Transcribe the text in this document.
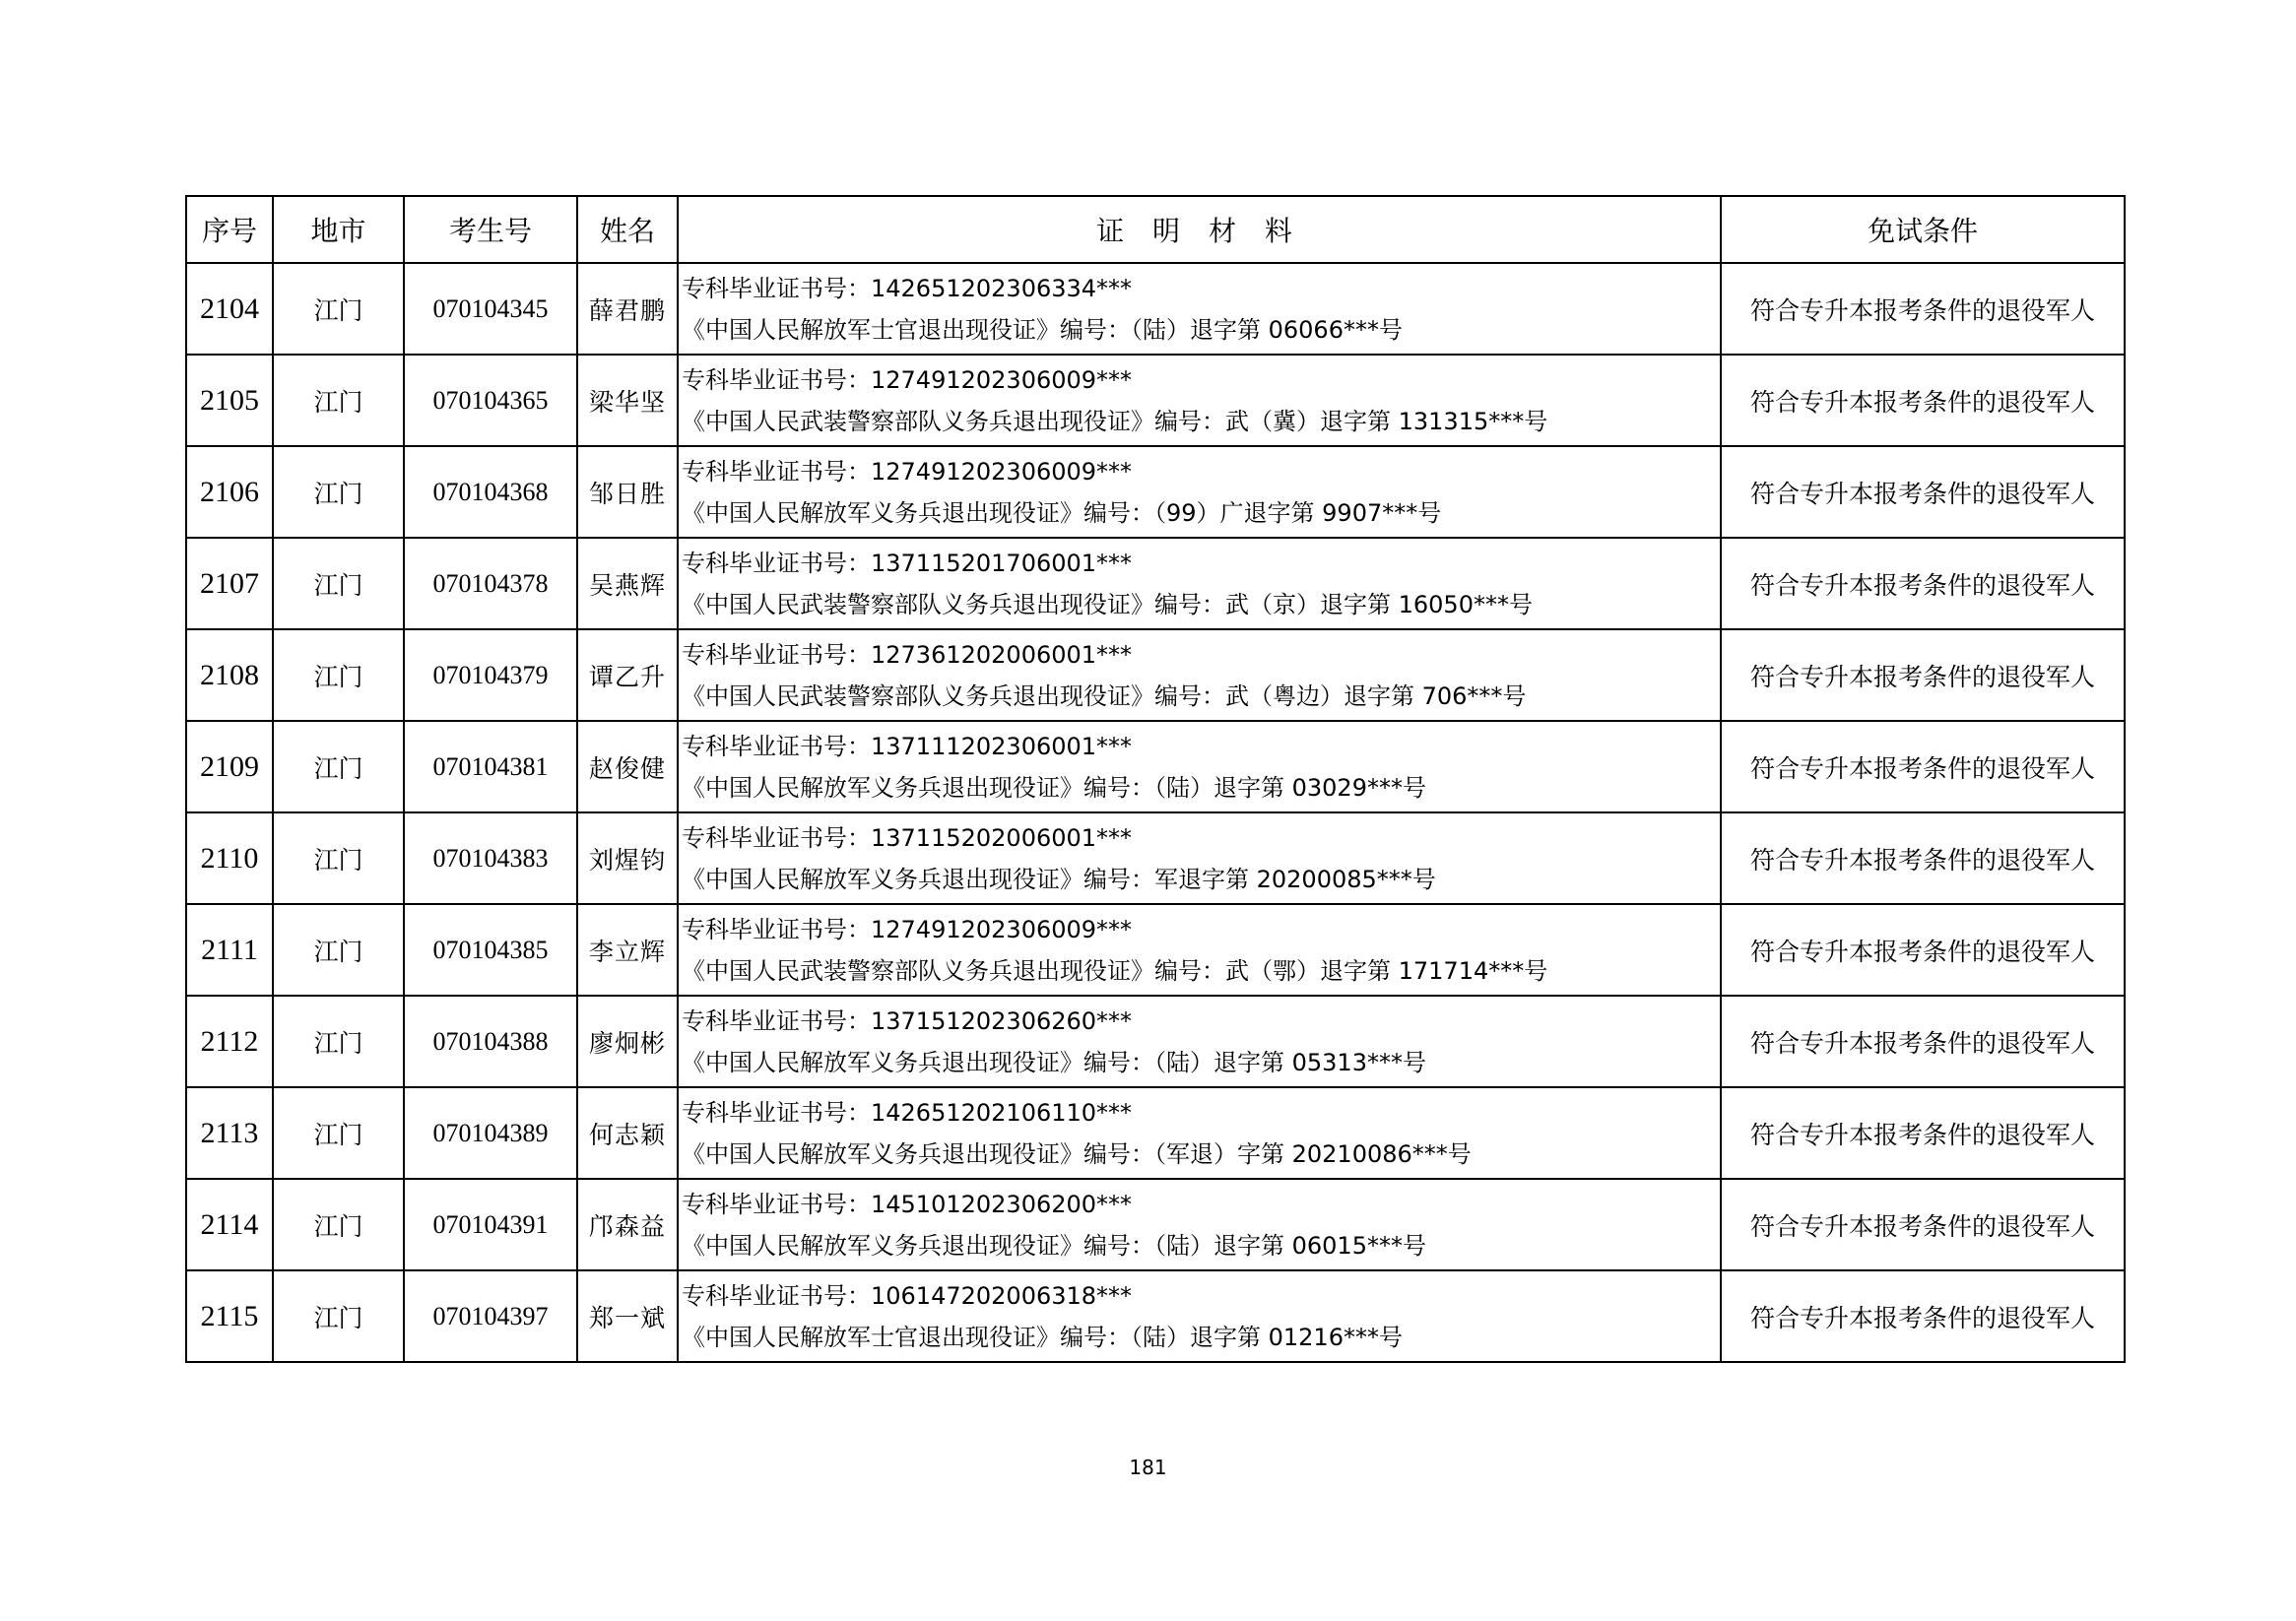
序号	地市	考生号	姓名	证 明 材 料	免试条件
2104	江门	070104345	薛君鹏	专科毕业证书号：142651202306334***
《中国人民解放军士官退出现役证》编号：（陆）退字第 06066***号	符合专升本报考条件的退役军人
2105	江门	070104365	梁华坚	专科毕业证书号：127491202306009***
《中国人民武装警察部队义务兵退出现役证》编号：武（冀）退字第 131315***号	符合专升本报考条件的退役军人
2106	江门	070104368	邹日胜	专科毕业证书号：127491202306009***
《中国人民解放军义务兵退出现役证》编号：（99）广退字第 9907***号	符合专升本报考条件的退役军人
2107	江门	070104378	吴燕辉	专科毕业证书号：137115201706001***
《中国人民武装警察部队义务兵退出现役证》编号：武（京）退字第 16050***号	符合专升本报考条件的退役军人
2108	江门	070104379	谭乙升	专科毕业证书号：127361202006001***
《中国人民武装警察部队义务兵退出现役证》编号：武（粤边）退字第 706***号	符合专升本报考条件的退役军人
2109	江门	070104381	赵俊健	专科毕业证书号：137111202306001***
《中国人民解放军义务兵退出现役证》编号：（陆）退字第 03029***号	符合专升本报考条件的退役军人
2110	江门	070104383	刘煋钧	专科毕业证书号：137115202006001***
《中国人民解放军义务兵退出现役证》编号：军退字第 20200085***号	符合专升本报考条件的退役军人
2111	江门	070104385	李立辉	专科毕业证书号：127491202306009***
《中国人民武装警察部队义务兵退出现役证》编号：武（鄂）退字第 171714***号	符合专升本报考条件的退役军人
2112	江门	070104388	廖炯彬	专科毕业证书号：137151202306260***
《中国人民解放军义务兵退出现役证》编号：（陆）退字第 05313***号	符合专升本报考条件的退役军人
2113	江门	070104389	何志颖	专科毕业证书号：142651202106110***
《中国人民解放军义务兵退出现役证》编号：（军退）字第 20210086***号	符合专升本报考条件的退役军人
2114	江门	070104391	邝森益	专科毕业证书号：145101202306200***
《中国人民解放军义务兵退出现役证》编号：（陆）退字第 06015***号	符合专升本报考条件的退役军人
2115	江门	070104397	郑一斌	专科毕业证书号：106147202006318***
《中国人民解放军士官退出现役证》编号：（陆）退字第 01216***号	符合专升本报考条件的退役军人
181
